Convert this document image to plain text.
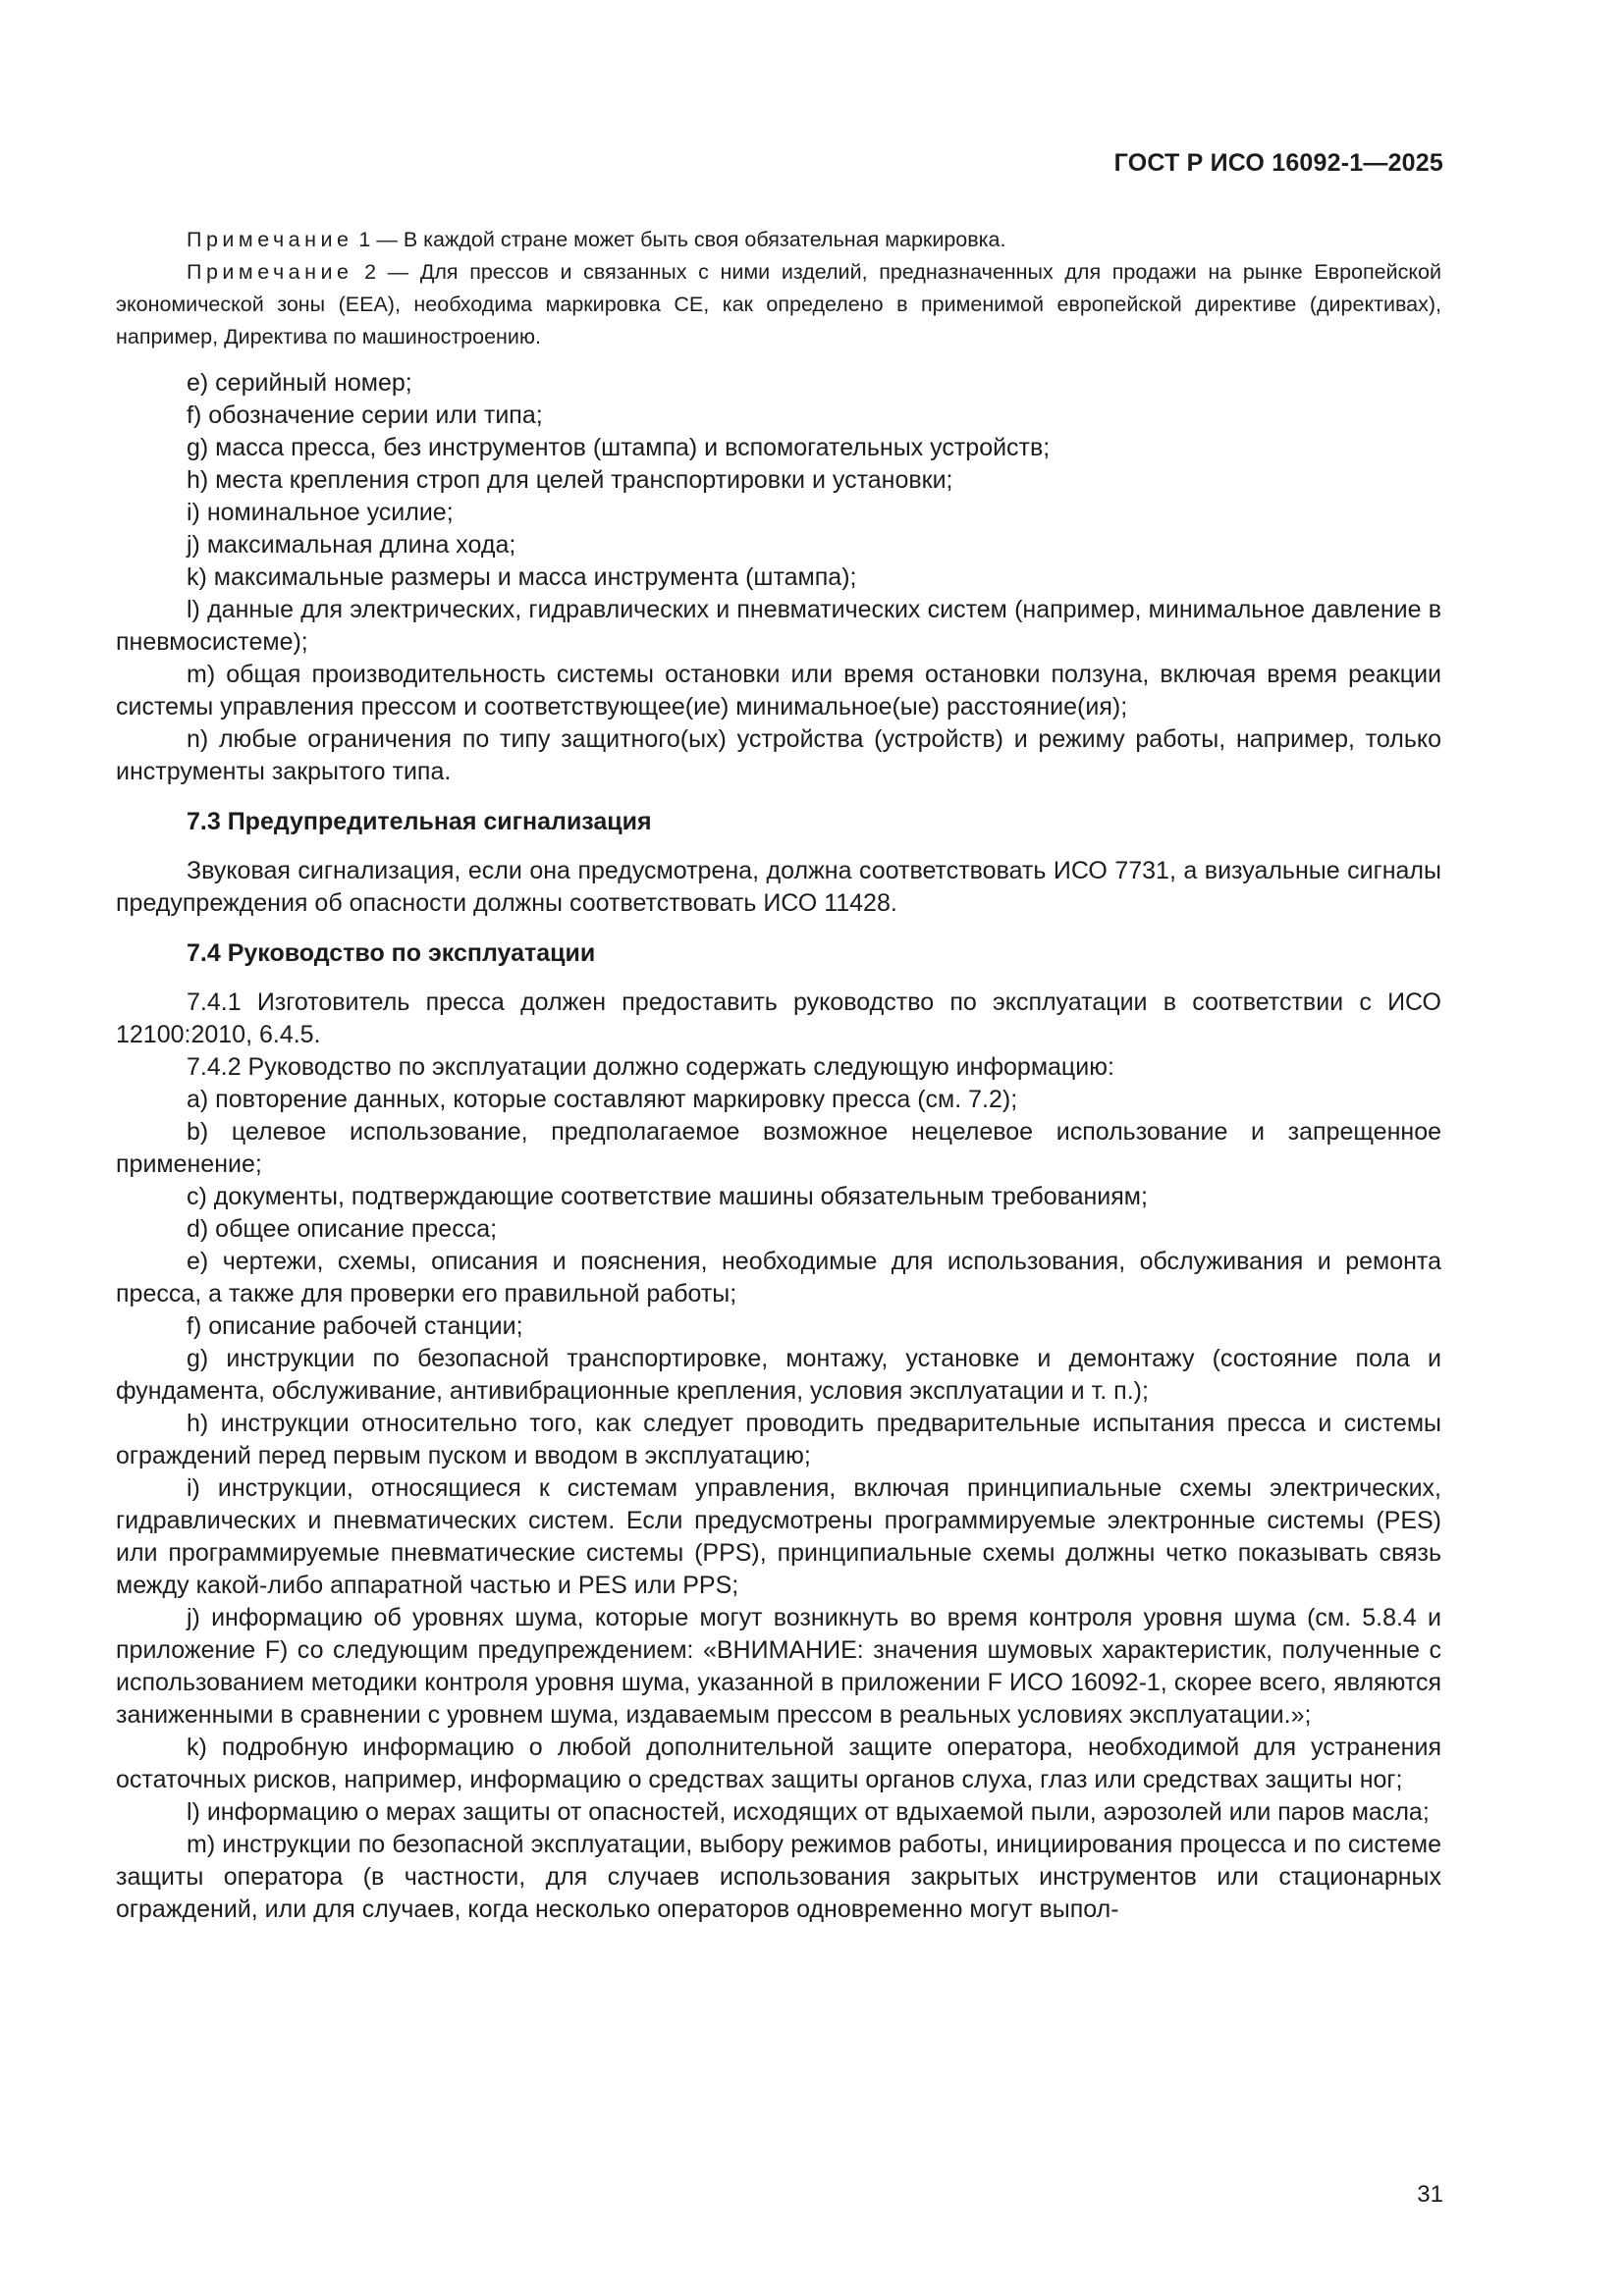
ГОСТ Р ИСО 16092-1—2025

Примечание 1 — В каждой стране может быть своя обязательная маркировка.

Примечание 2 — Для прессов и связанных с ними изделий, предназначенных для продажи на рынке Европейской экономической зоны (EEA), необходима маркировка CE, как определено в применимой европейской директиве (директивах), например, Директива по машиностроению.

e) серийный номер;

f) обозначение серии или типа;

g) масса пресса, без инструментов (штампа) и вспомогательных устройств;

h) места крепления строп для целей транспортировки и установки;

i) номинальное усилие;

j) максимальная длина хода;

k) максимальные размеры и масса инструмента (штампа);

l) данные для электрических, гидравлических и пневматических систем (например, минимальное давление в пневмосистеме);

m) общая производительность системы остановки или время остановки ползуна, включая время реакции системы управления прессом и соответствующее(ие) минимальное(ые) расстояние(ия);

n) любые ограничения по типу защитного(ых) устройства (устройств) и режиму работы, например, только инструменты закрытого типа.

7.3 Предупредительная сигнализация

Звуковая сигнализация, если она предусмотрена, должна соответствовать ИСО 7731, а визуальные сигналы предупреждения об опасности должны соответствовать ИСО 11428.

7.4 Руководство по эксплуатации

7.4.1 Изготовитель пресса должен предоставить руководство по эксплуатации в соответствии с ИСО 12100:2010, 6.4.5.

7.4.2 Руководство по эксплуатации должно содержать следующую информацию:

a) повторение данных, которые составляют маркировку пресса (см. 7.2);

b) целевое использование, предполагаемое возможное нецелевое использование и запрещенное применение;

c) документы, подтверждающие соответствие машины обязательным требованиям;

d) общее описание пресса;

e) чертежи, схемы, описания и пояснения, необходимые для использования, обслуживания и ремонта пресса, а также для проверки его правильной работы;

f) описание рабочей станции;

g) инструкции по безопасной транспортировке, монтажу, установке и демонтажу (состояние пола и фундамента, обслуживание, антивибрационные крепления, условия эксплуатации и т. п.);

h) инструкции относительно того, как следует проводить предварительные испытания пресса и системы ограждений перед первым пуском и вводом в эксплуатацию;

i) инструкции, относящиеся к системам управления, включая принципиальные схемы электрических, гидравлических и пневматических систем. Если предусмотрены программируемые электронные системы (PES) или программируемые пневматические системы (PPS), принципиальные схемы должны четко показывать связь между какой-либо аппаратной частью и PES или PPS;

j) информацию об уровнях шума, которые могут возникнуть во время контроля уровня шума (см. 5.8.4 и приложение F) со следующим предупреждением: «ВНИМАНИЕ: значения шумовых характеристик, полученные с использованием методики контроля уровня шума, указанной в приложении F ИСО 16092-1, скорее всего, являются заниженными в сравнении с уровнем шума, издаваемым прессом в реальных условиях эксплуатации.»;

k) подробную информацию о любой дополнительной защите оператора, необходимой для устранения остаточных рисков, например, информацию о средствах защиты органов слуха, глаз или средствах защиты ног;

l) информацию о мерах защиты от опасностей, исходящих от вдыхаемой пыли, аэрозолей или паров масла;

m) инструкции по безопасной эксплуатации, выбору режимов работы, инициирования процесса и по системе защиты оператора (в частности, для случаев использования закрытых инструментов или стационарных ограждений, или для случаев, когда несколько операторов одновременно могут выпол-

31
